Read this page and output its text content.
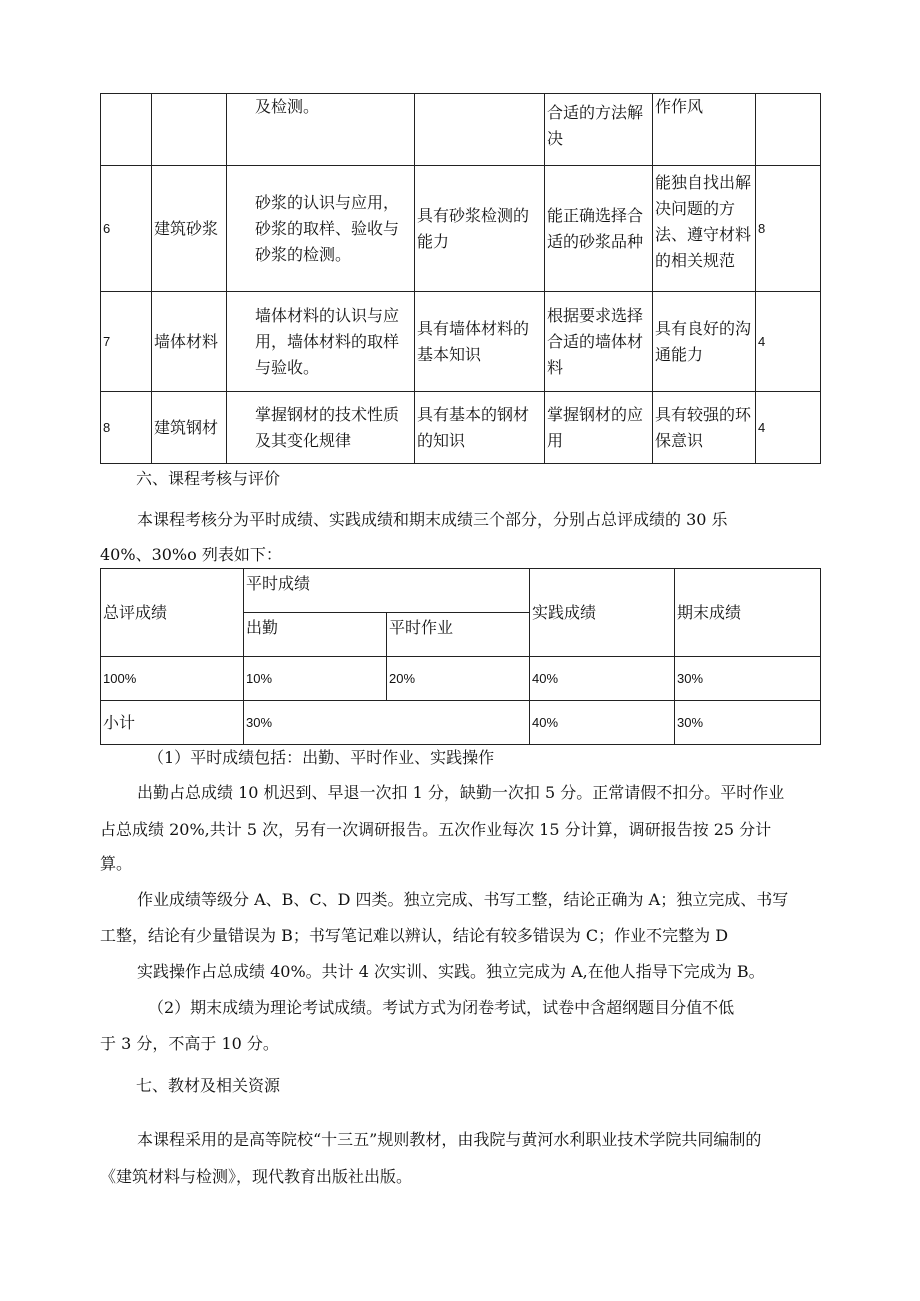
		及检测。		合适的方法解决	作作风	
6	建筑砂浆	砂浆的认识与应用，砂浆的取样、验收与砂浆的检测。	具有砂浆检测的能力	能正确选择合适的砂浆品种	能独自找出解决问题的方法、遵守材料的相关规范	8
7	墙体材料	墙体材料的认识与应用，墙体材料的取样与验收。	具有墙体材料的基本知识	根据要求选择合适的墙体材料	具有良好的沟通能力	4
8	建筑钢材	掌握钢材的技术性质及其变化规律	具有基本的钢材的知识	掌握钢材的应用	具有较强的环保意识	4
六、课程考核与评价
本课程考核分为平时成绩、实践成绩和期末成绩三个部分，分别占总评成绩的 30 乐
40%、30%o 列表如下：
总评成绩	平时成绩		实践成绩	期末成绩
	出勤	平时作业		
100%	10%	20%	40%	30%
小计	30%		40%	30%
（1）平时成绩包括：出勤、平时作业、实践操作
出勤占总成绩 10 机迟到、早退一次扣 1 分，缺勤一次扣 5 分。正常请假不扣分。平时作业
占总成绩 20%,共计 5 次，另有一次调研报告。五次作业每次 15 分计算，调研报告按 25 分计
算。
作业成绩等级分 A、B、C、D 四类。独立完成、书写工整，结论正确为 A；独立完成、书写
工整，结论有少量错误为 B；书写笔记难以辨认，结论有较多错误为 C；作业不完整为 D
实践操作占总成绩 40%。共计 4 次实训、实践。独立完成为 A,在他人指导下完成为 B。
（2）期末成绩为理论考试成绩。考试方式为闭卷考试，试卷中含超纲题目分值不低
于 3 分，不高于 10 分。
七、教材及相关资源
本课程采用的是高等院校“十三五”规则教材，由我院与黄河水利职业技术学院共同编制的
《建筑材料与检测》，现代教育出版社出版。
